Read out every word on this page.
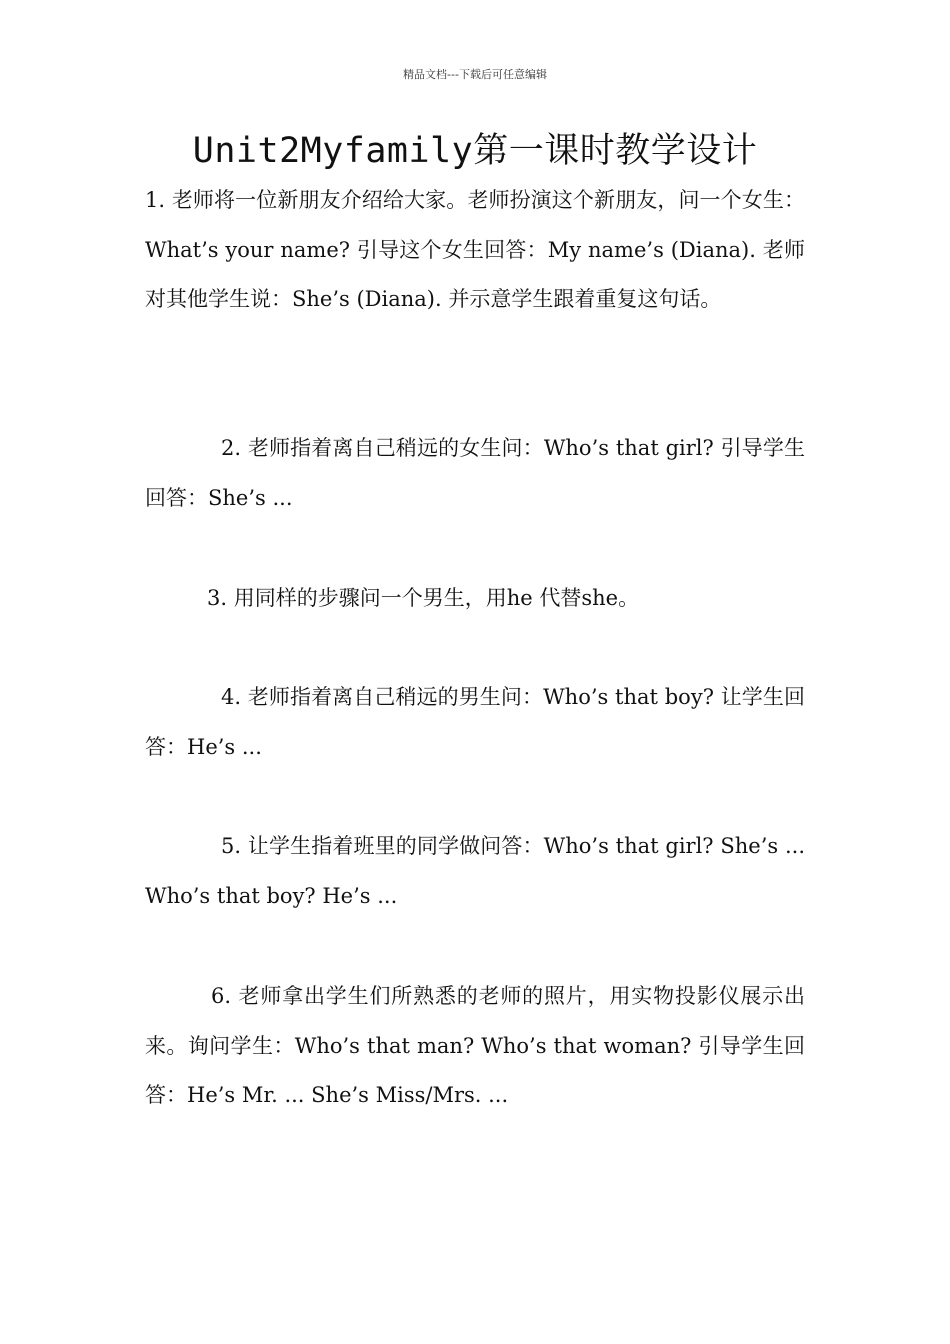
精品文档---下载后可任意编辑
Unit2Myfamily第一课时教学设计

1. 老师将一位新朋友介绍给大家。老师扮演这个新朋友，问一个女生：What’s your name? 引导这个女生回答：My name’s (Diana). 老师对其他学生说：She’s (Diana). 并示意学生跟着重复这句话。

2. 老师指着离自己稍远的女生问：Who’s that girl? 引导学生回答：She’s ...

3. 用同样的步骤问一个男生，用he 代替she。

4. 老师指着离自己稍远的男生问：Who’s that boy? 让学生回答：He’s ...

5. 让学生指着班里的同学做问答：Who’s that girl? She’s ... Who’s that boy? He’s ...

6. 老师拿出学生们所熟悉的老师的照片，用实物投影仪展示出来。询问学生：Who’s that man? Who’s that woman? 引导学生回答：He’s Mr. ... She’s Miss/Mrs. ...
